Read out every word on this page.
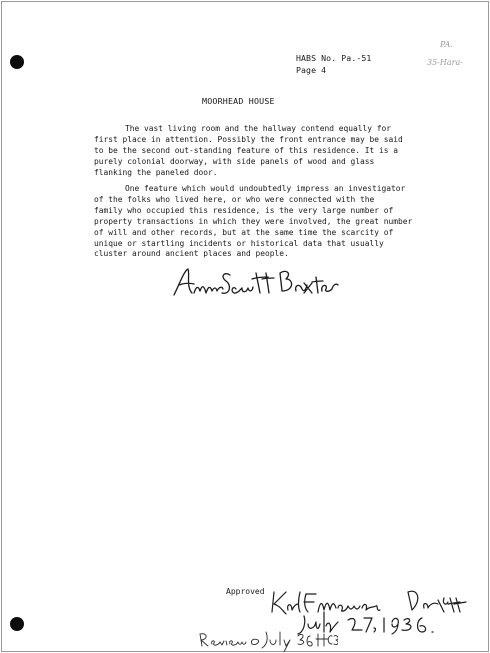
HABS No. Pa.-51
Page 4
PA.
35-Hara-
MOORHEAD HOUSE
The vast living room and the hallway contend equally for
first place in attention. Possibly the front entrance may be said
to be the second out-standing feature of this residence. It is a
purely colonial doorway, with side panels of wood and glass
flanking the paneled door.
One feature which would undoubtedly impress an investigator
of the folks who lived here, or who were connected with the
family who occupied this residence, is the very large number of
property transactions in which they were involved, the great number
of will and other records, but at the same time the scarcity of
unique or startling incidents or historical data that usually
cluster around ancient places and people.
Approved
